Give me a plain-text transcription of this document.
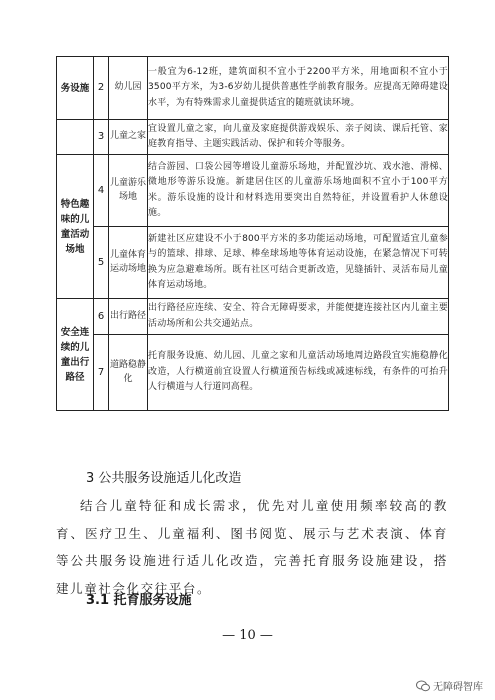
务设施	2	幼儿园	一般宜为6-12班，建筑面积不宜小于2200平方米，用地面积不宜小于3500平方米，为3-6岁幼儿提供普惠性学前教育服务。应提高无障碍建设水平，为有特殊需求儿童提供适宜的随班就读环境。
	3	儿童之家	宜设置儿童之家，向儿童及家庭提供游戏娱乐、亲子阅读、课后托管、家庭教育指导、主题实践活动、保护和转介等服务。
特色趣味的儿童活动场地	4	儿童游乐场地	结合游园、口袋公园等增设儿童游乐场地，并配置沙坑、戏水池、滑梯、微地形等游乐设施。新建居住区的儿童游乐场地面积不宜小于100平方米。游乐设施的设计和材料选用要突出自然特征，并设置看护人休憩设施。
	5	儿童体育运动场地	新建社区应建设不小于800平方米的多功能运动场地，可配置适宜儿童参与的篮球、排球、足球、棒垒球场地等体育运动设施，在紧急情况下可转换为应急避难场所。既有社区可结合更新改造，见缝插针、灵活布局儿童体育运动场地。
安全连续的儿童出行路径	6	出行路径	出行路径应连续、安全、符合无障碍要求，并能便捷连接社区内儿童主要活动场所和公共交通站点。
	7	道路稳静化	托育服务设施、幼儿园、儿童之家和儿童活动场地周边路段宜实施稳静化改造，人行横道前宜设置人行横道预告标线或减速标线，有条件的可抬升人行横道与人行道同高程。
3 公共服务设施适儿化改造

结合儿童特征和成长需求，优先对儿童使用频率较高的教育、医疗卫生、儿童福利、图书阅览、展示与艺术表演、体育等公共服务设施进行适儿化改造，完善托育服务设施建设，搭建儿童社会化交往平台。

3.1 托育服务设施
— 10 —
无障碍智库
